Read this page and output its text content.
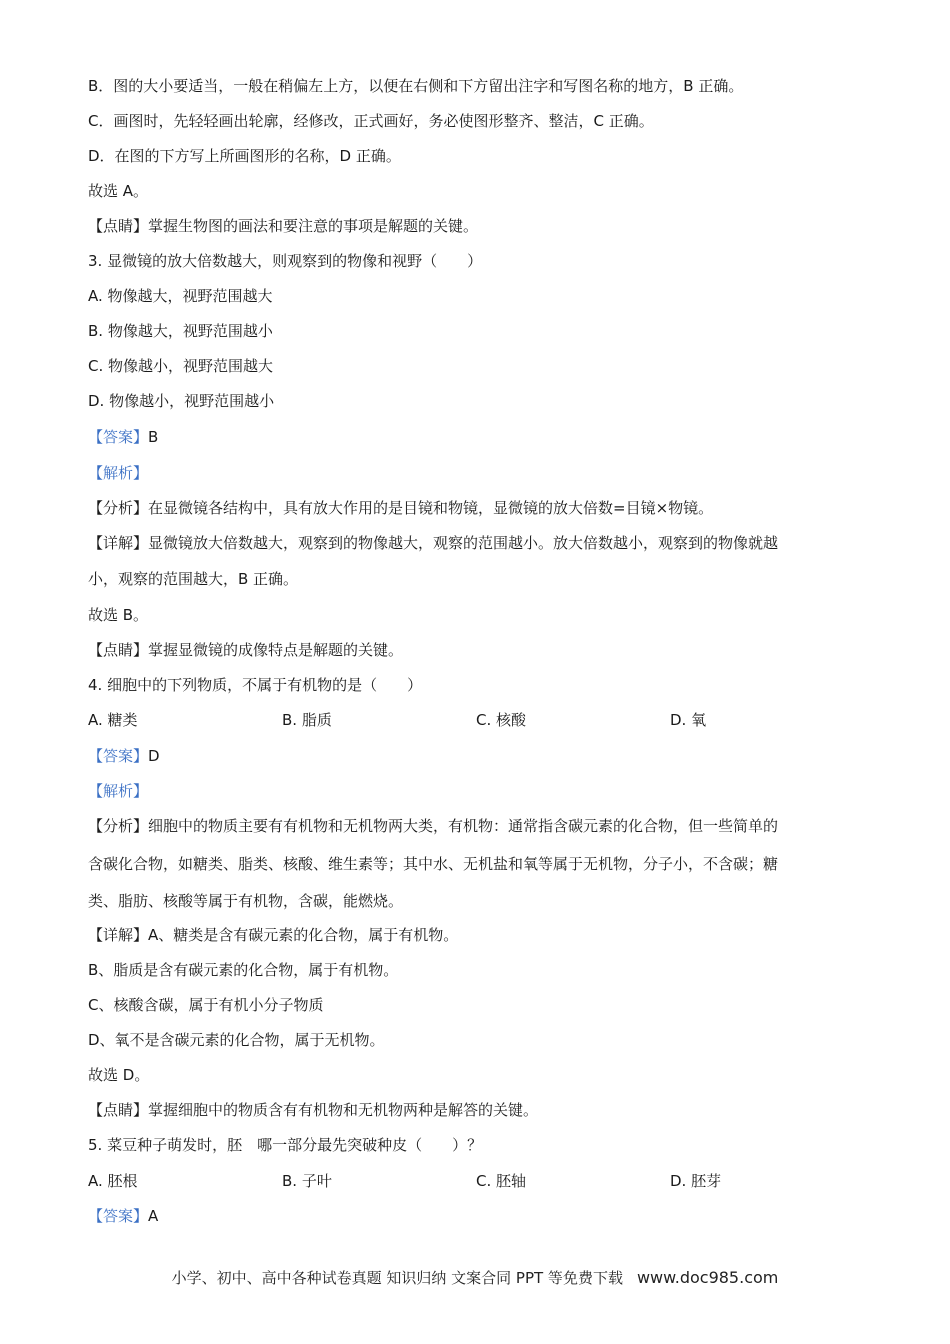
B．图的大小要适当，一般在稍偏左上方，以便在右侧和下方留出注字和写图名称的地方，B 正确。
C．画图时，先轻轻画出轮廓，经修改，正式画好，务必使图形整齐、整洁，C 正确。
D．在图的下方写上所画图形的名称，D 正确。
故选 A。
【点睛】掌握生物图的画法和要注意的事项是解题的关键。
3. 显微镜的放大倍数越大，则观察到的物像和视野（　　）
A. 物像越大，视野范围越大
B. 物像越大，视野范围越小
C. 物像越小，视野范围越大
D. 物像越小，视野范围越小
【答案】B
【解析】
【分析】在显微镜各结构中，具有放大作用的是目镜和物镜，显微镜的放大倍数=目镜×物镜。
【详解】显微镜放大倍数越大，观察到的物像越大，观察的范围越小。放大倍数越小，观察到的物像就越
小，观察的范围越大，B 正确。
故选 B。
【点睛】掌握显微镜的成像特点是解题的关键。
4. 细胞中的下列物质，不属于有机物的是（　　）
A. 糖类	B. 脂质	C. 核酸	D. 氧
【答案】D
【解析】
【分析】细胞中的物质主要有有机物和无机物两大类，有机物：通常指含碳元素的化合物，但一些简单的
含碳化合物，如糖类、脂类、核酸、维生素等；其中水、无机盐和氧等属于无机物，分子小，不含碳；糖
类、脂肪、核酸等属于有机物，含碳，能燃烧。
【详解】A、糖类是含有碳元素的化合物，属于有机物。
B、脂质是含有碳元素的化合物，属于有机物。
C、核酸含碳，属于有机小分子物质
D、氧不是含碳元素的化合物，属于无机物。
故选 D。
【点睛】掌握细胞中的物质含有有机物和无机物两种是解答的关键。
5. 菜豆种子萌发时，胚　哪一部分最先突破种皮（　　）？
A. 胚根	B. 子叶	C. 胚轴	D. 胚芽
【答案】A
小学、初中、高中各种试卷真题 知识归纳 文案合同 PPT 等免费下载 www.doc985.com
